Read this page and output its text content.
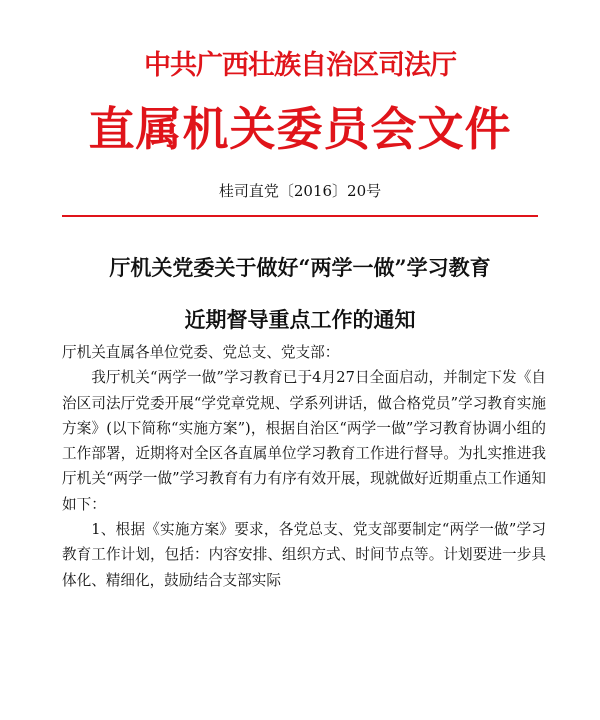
中共广西壮族自治区司法厅
直属机关委员会文件
桂司直党〔2016〕20号
厅机关党委关于做好“两学一做”学习教育
近期督导重点工作的通知

厅机关直属各单位党委、党总支、党支部：

我厅机关“两学一做”学习教育已于4月27日全面启动，并制定下发《自治区司法厅党委开展“学党章党规、学系列讲话，做合格党员”学习教育实施方案》(以下简称“实施方案”)，根据自治区“两学一做”学习教育协调小组的工作部署，近期将对全区各直属单位学习教育工作进行督导。为扎实推进我厅机关“两学一做”学习教育有力有序有效开展，现就做好近期重点工作通知如下：

1、根据《实施方案》要求，各党总支、党支部要制定“两学一做”学习教育工作计划，包括：内容安排、组织方式、时间节点等。计划要进一步具体化、精细化，鼓励结合支部实际
